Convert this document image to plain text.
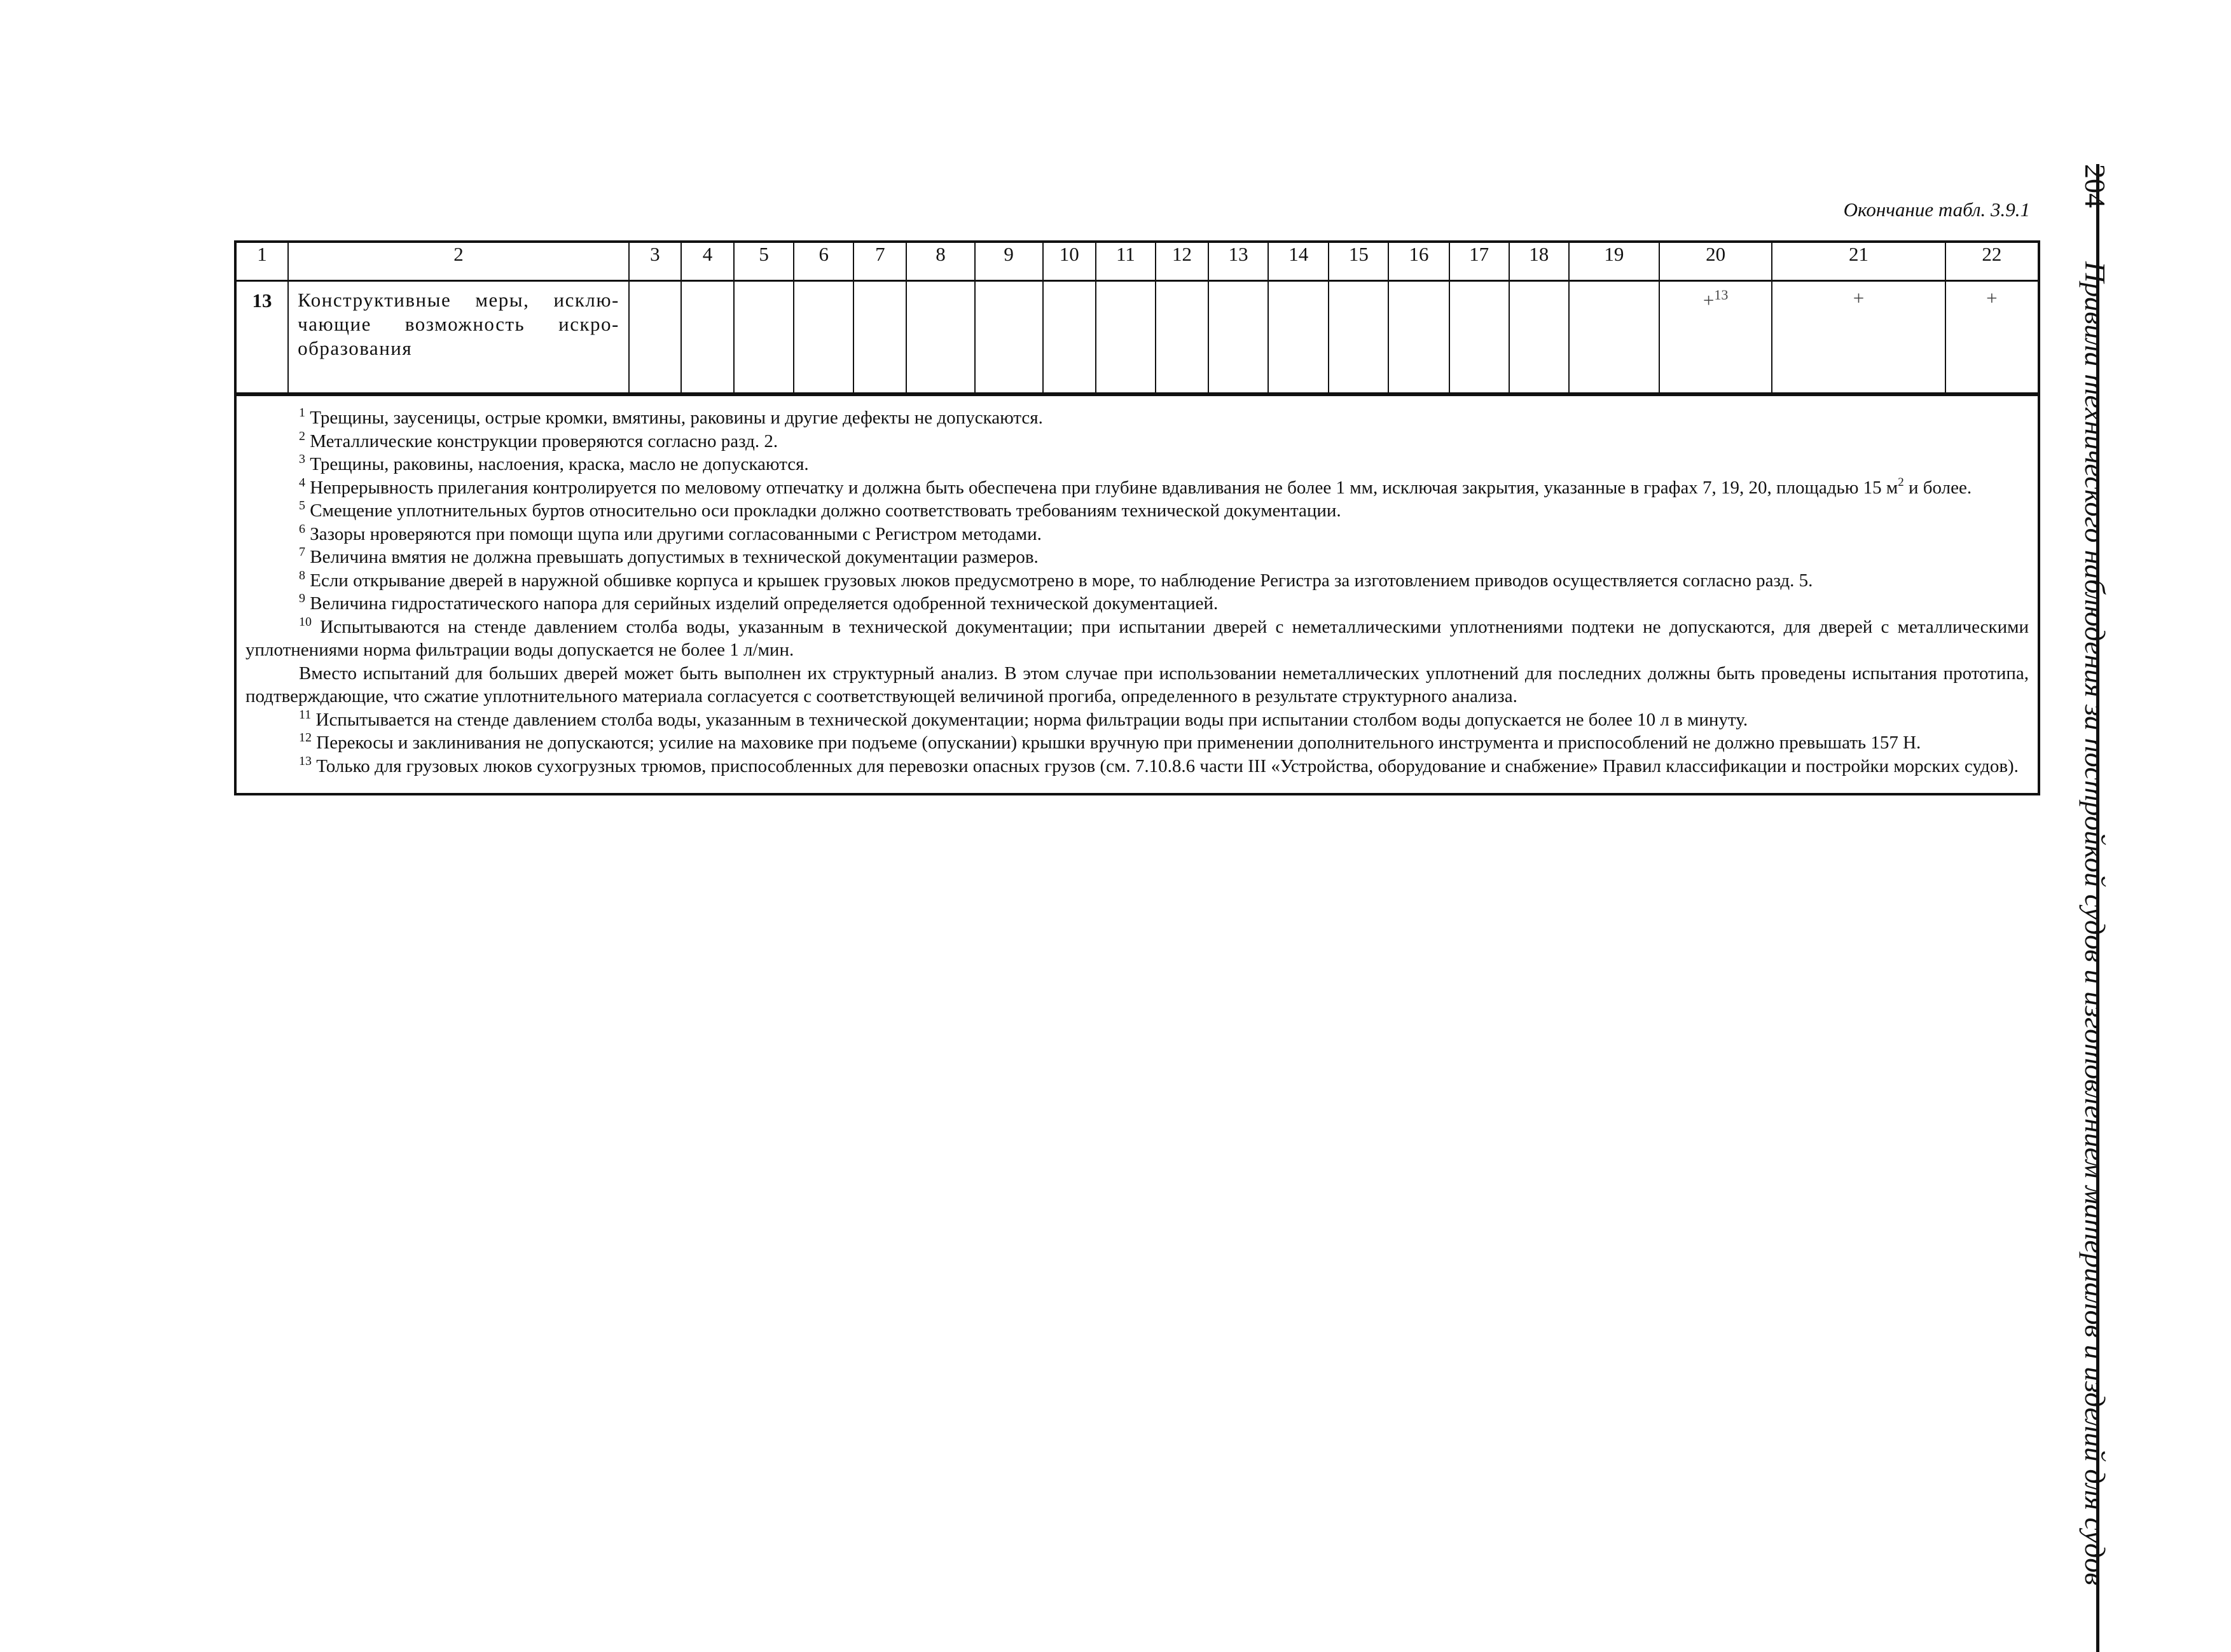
Окончание табл. 3.9.1
1	2	3	4	5	6	7	8	9	10	11	12	13	14	15	16	17	18	19	20	21	22
13	Конструктивные меры, исклю-чающие возможность искро-образования																		+$^{13}$	+	+

$^1$ Трещины, заусеницы, острые кромки, вмятины, раковины и другие дефекты не допускаются.

$^2$ Металлические конструкции проверяются согласно разд. 2.

$^3$ Трещины, раковины, наслоения, краска, масло не допускаются.

$^4$ Непрерывность прилегания контролируется по меловому отпечатку и должна быть обеспечена при глубине вдавливания не более 1 мм, исключая закрытия, указанные в графах 7, 19, 20, площадью 15 $м^2$ и более.

$^5$ Смещение уплотнительных буртов относительно оси прокладки должно соответствовать требованиям технической документации.

$^6$ Зазоры нроверяются при помощи щупа или другими согласованными с Регистром методами.

$^7$ Величина вмятия не должна превышать допустимых в технической документации размеров.

$^8$ Если открывание дверей в наружной обшивке корпуса и крышек грузовых люков предусмотрено в море, то наблюдение Регистра за изготовлением приводов осуществляется согласно разд. 5.

$^9$ Величина гидростатического напора для серийных изделий определяется одобренной технической документацией.

$^{10}$ Испытываются на стенде давлением столба воды, указанным в технической документации; при испытании дверей с неметаллическими уплотнениями подтеки не допускаются, для дверей с металлическими уплотнениями норма фильтрации воды допускается не более 1 л/мин.

Вместо испытаний для больших дверей может быть выполнен их структурный анализ. В этом случае при использовании неметаллических уплотнений для последних должны быть проведены испытания прототипа, подтверждающие, что сжатие уплотнительного материала согласуется с соответствующей величиной прогиба, определенного в результате структурного анализа.

$^{11}$ Испытывается на стенде давлением столба воды, указанным в технической документации; норма фильтрации воды при испытании столбом воды допускается не более 10 л в минуту.

$^{12}$ Перекосы и заклинивания не допускаются; усилие на маховике при подъеме (опускании) крышки вручную при применении дополнительного инструмента и приспособлений не должно превышать 157 Н.

$^{13}$ Только для грузовых люков сухогрузных трюмов, приспособленных для перевозки опасных грузов (см. 7.10.8.6 части III «Устройства, оборудование и снабжение» Правил классификации и постройки морских судов).

204 Правила технического наблюдения за постройкой судов и изготовлением материалов и изделий для судов
